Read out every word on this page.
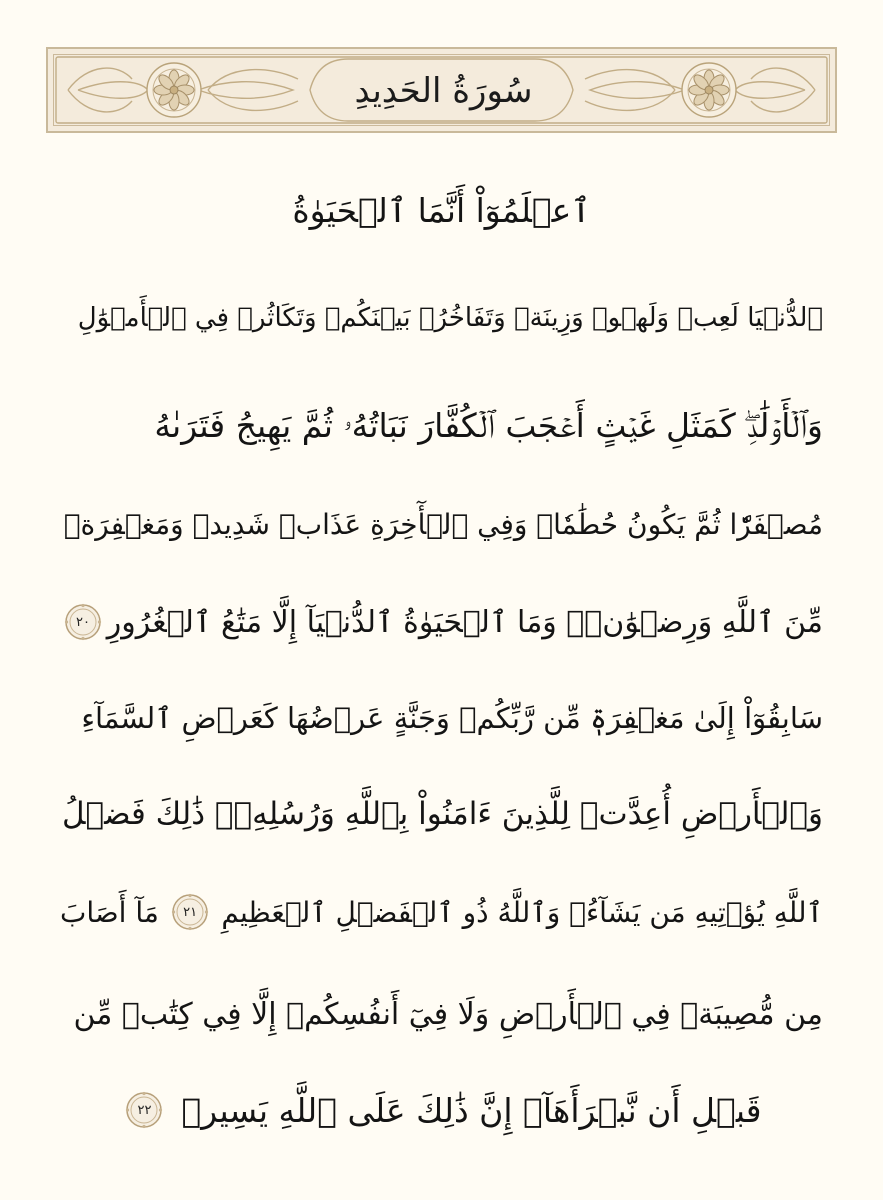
سُورَةُ الحَدِيدِ
ٱعۡلَمُوٓاْ أَنَّمَا ٱلۡحَيَوٰةُ
ٱلدُّنۡيَا لَعِبٞ وَلَهۡوٞ وَزِينَةٞ وَتَفَاخُرُۢ بَيۡنَكُمۡ وَتَكَاثُرٞ فِي ٱلۡأَمۡوَٰلِ
وَٱلۡأَوۡلَٰدِۖ كَمَثَلِ غَيۡثٍ أَعۡجَبَ ٱلۡكُفَّارَ نَبَاتُهُۥ ثُمَّ يَهِيجُ فَتَرَىٰهُ
مُصۡفَرّٗا ثُمَّ يَكُونُ حُطَٰمٗاۖ وَفِي ٱلۡأٓخِرَةِ عَذَابٞ شَدِيدٞ وَمَغۡفِرَةٞ
مِّنَ ٱللَّهِ وَرِضۡوَٰنٞۚ وَمَا ٱلۡحَيَوٰةُ ٱلدُّنۡيَآ إِلَّا مَتَٰعُ ٱلۡغُرُورِ
٢٠
سَابِقُوٓاْ إِلَىٰ مَغۡفِرَةٖ مِّن رَّبِّكُمۡ وَجَنَّةٍ عَرۡضُهَا كَعَرۡضِ ٱلسَّمَآءِ
وَٱلۡأَرۡضِ أُعِدَّتۡ لِلَّذِينَ ءَامَنُواْ بِٱللَّهِ وَرُسُلِهِۦۚ ذَٰلِكَ فَضۡلُ
ٱللَّهِ يُؤۡتِيهِ مَن يَشَآءُۚ وَٱللَّهُ ذُو ٱلۡفَضۡلِ ٱلۡعَظِيمِ
٢١
مَآ أَصَابَ
مِن مُّصِيبَةٖ فِي ٱلۡأَرۡضِ وَلَا فِيٓ أَنفُسِكُمۡ إِلَّا فِي كِتَٰبٖ مِّن
قَبۡلِ أَن نَّبۡرَأَهَآۚ إِنَّ ذَٰلِكَ عَلَى ٱللَّهِ يَسِيرٞ
٢٢
